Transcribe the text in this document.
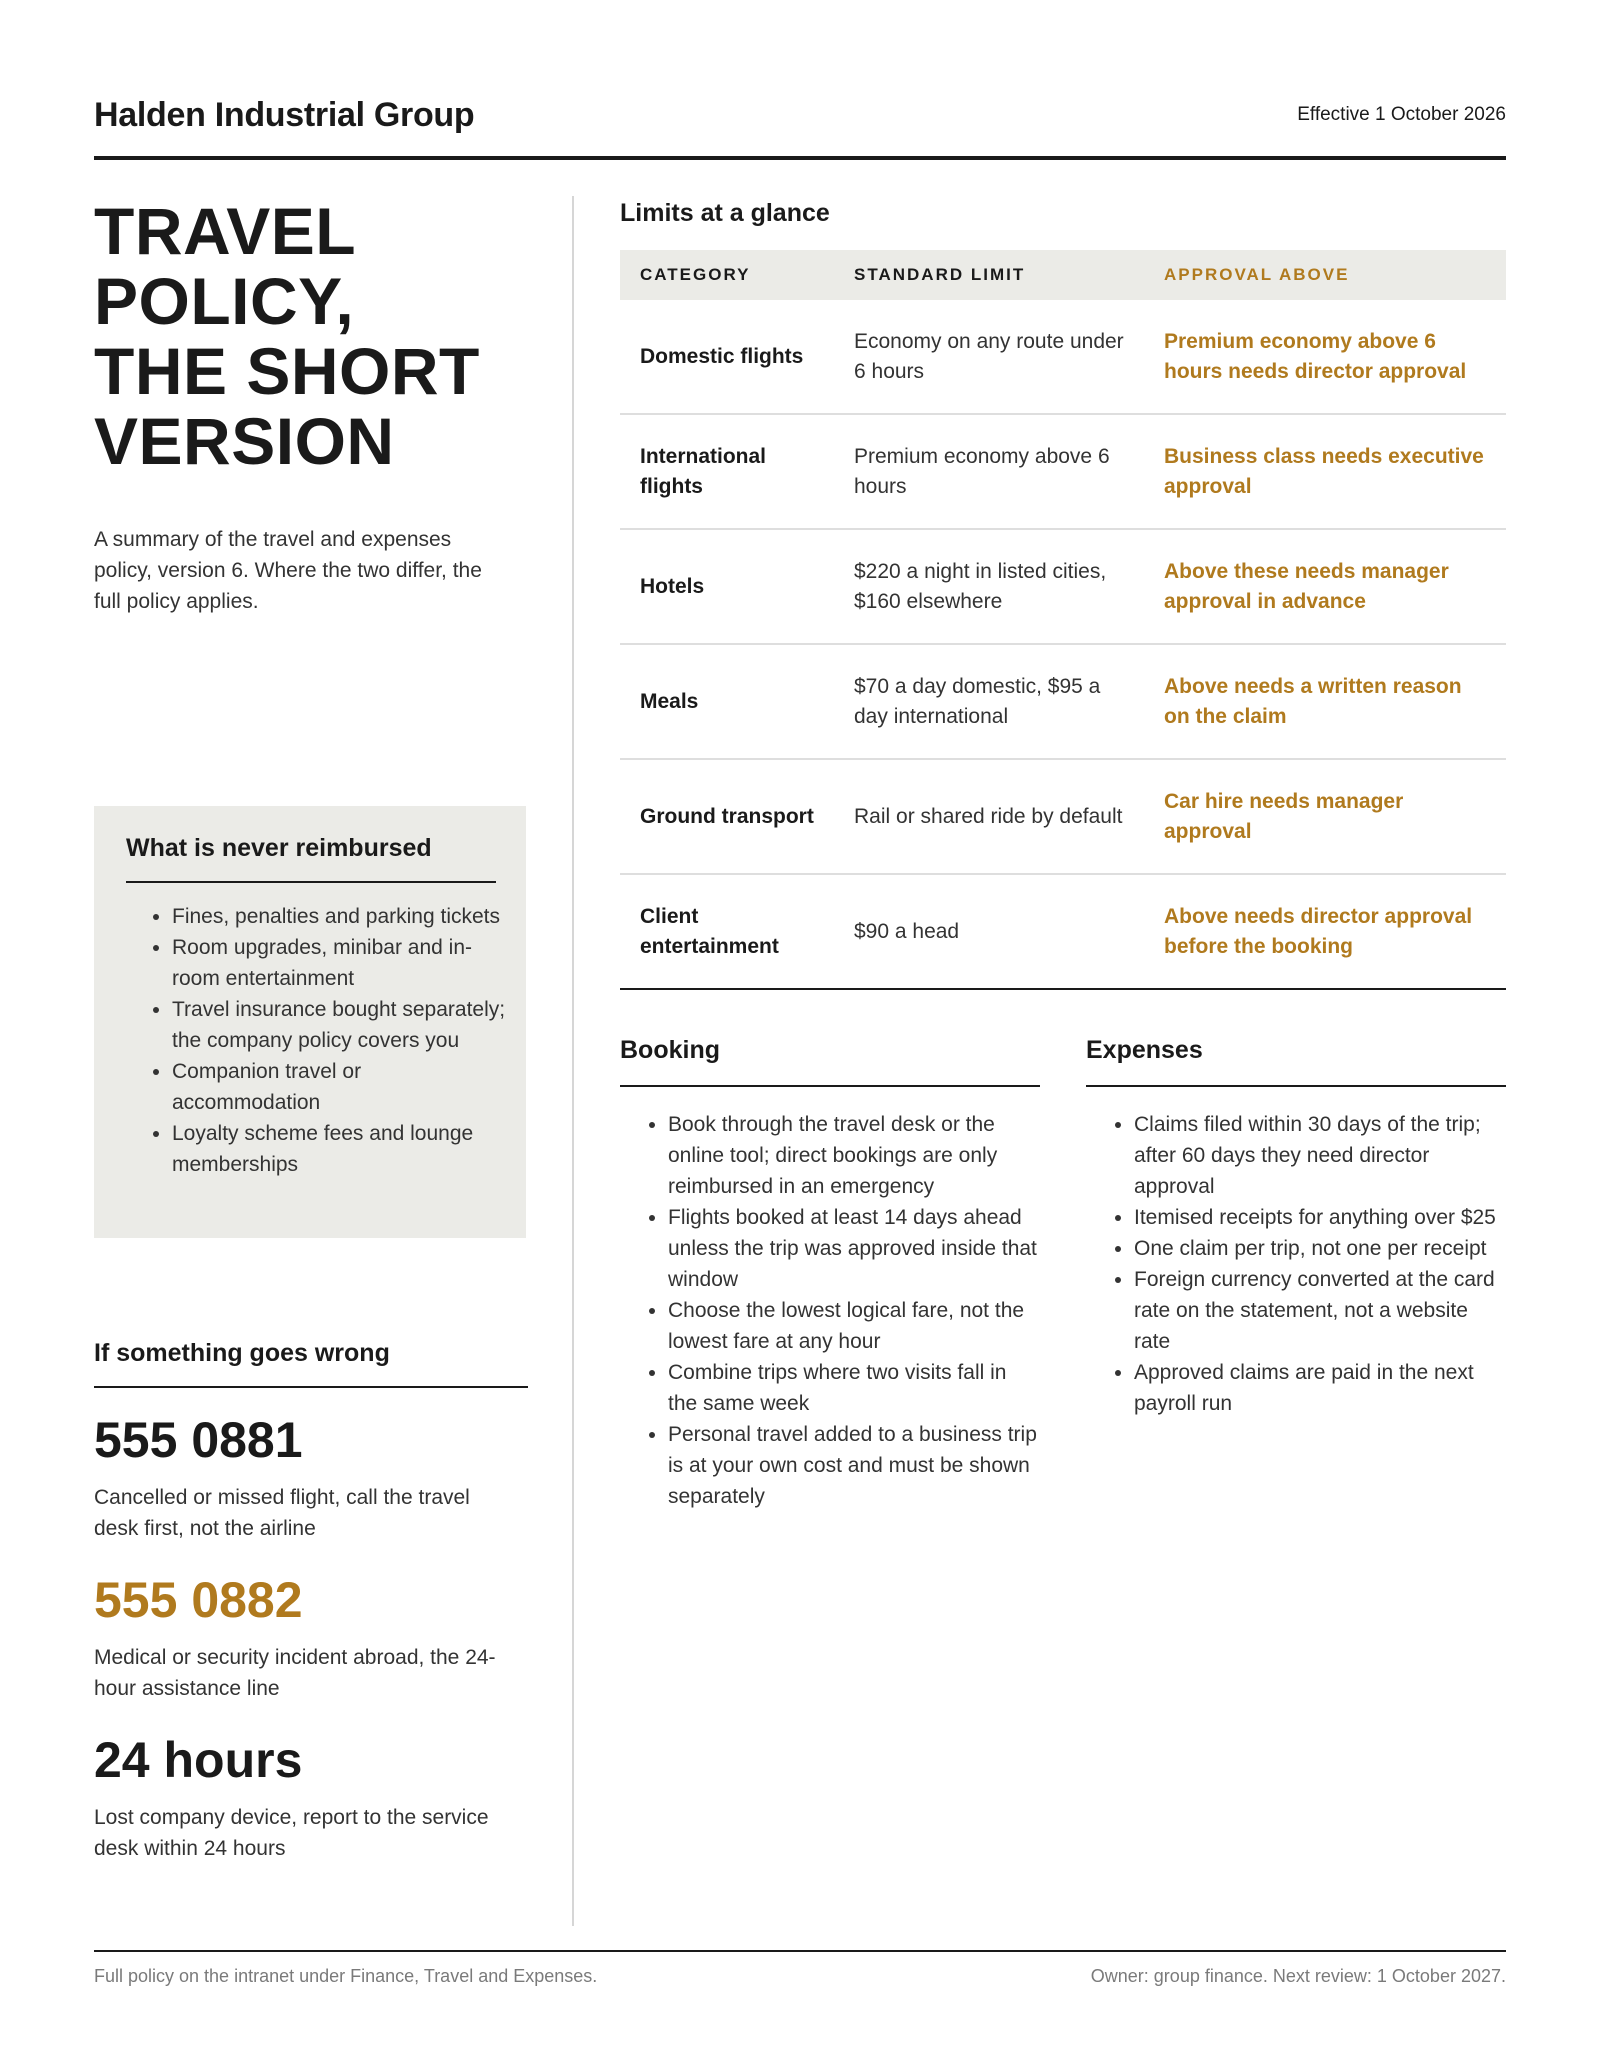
Halden Industrial Group	Effective 1 October 2026
TRAVEL POLICY, THE SHORT VERSION
A summary of the travel and expenses policy, version 6. Where the two differ, the full policy applies.
What is never reimbursed
• Fines, penalties and parking tickets
• Room upgrades, minibar and in-room entertainment
• Travel insurance bought separately; the company policy covers you
• Companion travel or accommodation
• Loyalty scheme fees and lounge memberships
If something goes wrong
555 0881
Cancelled or missed flight, call the travel desk first, not the airline
555 0882
Medical or security incident abroad, the 24-hour assistance line
24 hours
Lost company device, report to the service desk within 24 hours
Limits at a glance
CATEGORY	STANDARD LIMIT	APPROVAL ABOVE
Domestic flights	Economy on any route under 6 hours	Premium economy above 6 hours needs director approval
International flights	Premium economy above 6 hours	Business class needs executive approval
Hotels	$220 a night in listed cities, $160 elsewhere	Above these needs manager approval in advance
Meals	$70 a day domestic, $95 a day international	Above needs a written reason on the claim
Ground transport	Rail or shared ride by default	Car hire needs manager approval
Client entertainment	$90 a head	Above needs director approval before the booking
Booking
• Book through the travel desk or the online tool; direct bookings are only reimbursed in an emergency
• Flights booked at least 14 days ahead unless the trip was approved inside that window
• Choose the lowest logical fare, not the lowest fare at any hour
• Combine trips where two visits fall in the same week
• Personal travel added to a business trip is at your own cost and must be shown separately
Expenses
• Claims filed within 30 days of the trip; after 60 days they need director approval
• Itemised receipts for anything over $25
• One claim per trip, not one per receipt
• Foreign currency converted at the card rate on the statement, not a website rate
• Approved claims are paid in the next payroll run
Full policy on the intranet under Finance, Travel and Expenses.	Owner: group finance. Next review: 1 October 2027.
